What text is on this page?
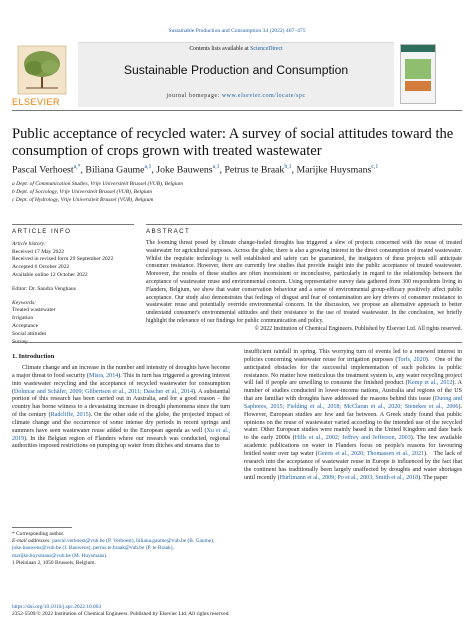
Sustainable Production and Consumption 34 (2022) 467–475
ELSEVIER
Contents lists available at ScienceDirect
Sustainable Production and Consumption
journal homepage: www.elsevier.com/locate/spc
Public acceptance of recycled water: A survey of social attitudes toward the consumption of crops grown with treated wastewater
Pascal Verhoest$^{a,*}$, Biliana Gaume$^{a,1}$, Joke Bauwens$^{a,1}$, Petrus te Braak$^{b,1}$, Marijke Huysmans$^{c,1}$
a Dept. of Communication Studies, Vrije Universiteit Brussel (VUB), Belgium
b Dept. of Sociology, Vrije Universiteit Brussel (VUB), Belgium
c Dept. of Hydrology, Vrije Universiteit Brussel (VUB), Belgium
ARTICLE INFO
Article history:
Received 17 May 2022
Received in revised form 29 September 2022
Accepted 6 October 2022
Available online 12 October 2022
Editor: Dr. Sandra Venghaus
Keywords:
Treated wastewater
Irrigation
Acceptance
Social attitudes
Survey
ABSTRACT
The looming threat posed by climate change-fueled droughts has triggered a slew of projects concerned with the reuse of treated wastewater for agricultural purposes. Across the globe, there is also a growing interest in the direct consumption of treated wastewater. Whilst the requisite technology is well established and safety can be guaranteed, the instigators of these projects still anticipate consumer resistance. However, there are currently few studies that provide insight into the public acceptance of treated wastewater. Moreover, the results of these studies are often inconsistent or inconclusive, particularly in regard to the relationship between the acceptance of wastewater reuse and environmental concern. Using representative survey data gathered from 300 respondents living in Flanders, Belgium, we show that water conservation behaviour and a sense of environmental group-efficacy positively affect public acceptance. Our study also demonstrates that feelings of disgust and fear of contamination are key drivers of consumer resistance to wastewater reuse and potentially override environmental concern. In the discussion, we propose an alternative approach to better understand consumer's environmental attitudes and their resistance to the use of treated wastewater. In the conclusion, we briefly highlight the relevance of our findings for public communication and policy.
© 2022 Institution of Chemical Engineers. Published by Elsevier Ltd. All rights reserved.
1. Introduction
Climate change and an increase in the number and intensity of droughts have become a major threat to food security (Misra, 2014). This in turn has triggered a growing interest into wastewater recycling and the acceptance of recycled wastewater for consumption (Dolnicar and Schäfer, 2009; Gilbertson et al., 2011; Dascher et al., 2014). A substantial portion of this research has been carried out in Australia, and for a good reason – the country has borne witness to a devastating increase in drought phenomena since the turn of the century (Radcliffe, 2015). On the other side of the globe, the projected impact of climate change and the occurrence of some intense dry periods in recent springs and summers have seen wastewater reuse added to the European agenda as well (Xu et al., 2019). In the Belgian region of Flanders where our research was conducted, regional authorities imposed restrictions on pumping up water from ditches and streams due to
insufficient rainfall in spring. This worrying turn of events led to a renewed interest in policies concerning wastewater reuse for irrigation purposes (Torfs, 2020). One of the anticipated obstacles for the successful implementation of such policies is public resistance. No matter how meticulous the treatment system is, any water recycling project will fail if people are unwilling to consume the finished product (Kemp et al., 2012). A number of studies conducted in lower-income nations, Australia and regions of the US that are familiar with droughts have addressed the reasons behind this issue (Duong and Saphores, 2015; Fielding et al., 2018; McClaran et al., 2020; Stenekes et al., 2006). However, European studies are few and far between. A Greek study found that public opinions on the reuse of wastewater varied according to the intended use of the recycled water. Other European studies were mainly based in the United Kingdom and date back to the early 2000s (Hills et al., 2002; Jeffrey and Jefferson, 2003). The few available academic publications on water in Flanders focus on people's reasons for favouring bottled water over tap water (Geerts et al., 2020; Thomassen et al., 2021). The lack of research into the acceptance of wastewater reuse in Europe is influenced by the fact that the continent has traditionally been largely unaffected by droughts and water shortages until recently (Hurlimann et al., 2009; Po et al., 2003; Smith et al., 2018). The paper
* Corresponding author.
E-mail addresses: pascal.verhoest@vub.be (P. Verhoest), biliana.gaume@vub.be (B. Gaume), joke.bauwens@vub.be (J. Bauwens), petrus.te.braak@vub.be (P. te Braak), marijke.huysmans@vub.be (M. Huysmans).
1 Pleinlaan 2, 1050 Brussels, Belgium.
https://doi.org/10.1016/j.spc.2022.10.003
2352-5509/© 2022 Institution of Chemical Engineers. Published by Elsevier Ltd. All rights reserved.
